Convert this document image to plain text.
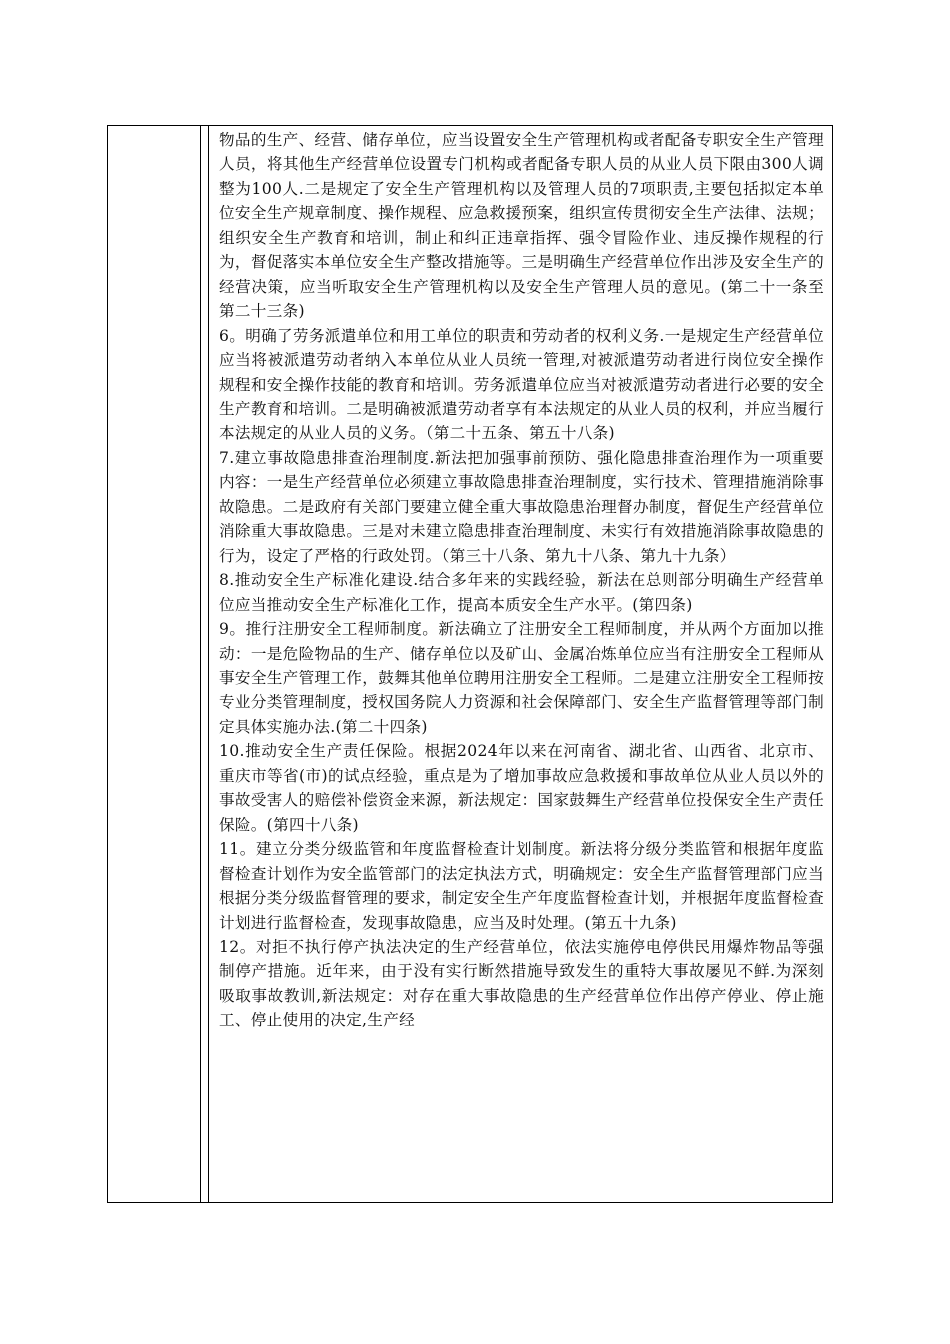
物品的生产、经营、储存单位，应当设置安全生产管理机构或者配备专职安全生产管理人员，将其他生产经营单位设置专门机构或者配备专职人员的从业人员下限由300人调整为100人.二是规定了安全生产管理机构以及管理人员的7项职责,主要包括拟定本单位安全生产规章制度、操作规程、应急救援预案，组织宣传贯彻安全生产法律、法规；组织安全生产教育和培训，制止和纠正违章指挥、强令冒险作业、违反操作规程的行为，督促落实本单位安全生产整改措施等。三是明确生产经营单位作出涉及安全生产的经营决策，应当听取安全生产管理机构以及安全生产管理人员的意见。(第二十一条至第二十三条)

6。明确了劳务派遣单位和用工单位的职责和劳动者的权利义务.一是规定生产经营单位应当将被派遣劳动者纳入本单位从业人员统一管理,对被派遣劳动者进行岗位安全操作规程和安全操作技能的教育和培训。劳务派遣单位应当对被派遣劳动者进行必要的安全生产教育和培训。二是明确被派遣劳动者享有本法规定的从业人员的权利，并应当履行本法规定的从业人员的义务。（第二十五条、第五十八条)

7.建立事故隐患排查治理制度.新法把加强事前预防、强化隐患排查治理作为一项重要内容：一是生产经营单位必须建立事故隐患排查治理制度，实行技术、管理措施消除事故隐患。二是政府有关部门要建立健全重大事故隐患治理督办制度，督促生产经营单位消除重大事故隐患。三是对未建立隐患排查治理制度、未实行有效措施消除事故隐患的行为，设定了严格的行政处罚。（第三十八条、第九十八条、第九十九条）

8.推动安全生产标准化建设.结合多年来的实践经验，新法在总则部分明确生产经营单位应当推动安全生产标准化工作，提高本质安全生产水平。(第四条)

9。推行注册安全工程师制度。新法确立了注册安全工程师制度，并从两个方面加以推动：一是危险物品的生产、储存单位以及矿山、金属冶炼单位应当有注册安全工程师从事安全生产管理工作，鼓舞其他单位聘用注册安全工程师。二是建立注册安全工程师按专业分类管理制度，授权国务院人力资源和社会保障部门、安全生产监督管理等部门制定具体实施办法.(第二十四条)

10.推动安全生产责任保险。根据2024年以来在河南省、湖北省、山西省、北京市、重庆市等省(市)的试点经验，重点是为了增加事故应急救援和事故单位从业人员以外的事故受害人的赔偿补偿资金来源，新法规定：国家鼓舞生产经营单位投保安全生产责任保险。(第四十八条)

11。建立分类分级监管和年度监督检查计划制度。新法将分级分类监管和根据年度监督检查计划作为安全监管部门的法定执法方式，明确规定：安全生产监督管理部门应当根据分类分级监督管理的要求，制定安全生产年度监督检查计划，并根据年度监督检查计划进行监督检查，发现事故隐患，应当及时处理。(第五十九条)

12。对拒不执行停产执法决定的生产经营单位，依法实施停电停供民用爆炸物品等强制停产措施。近年来，由于没有实行断然措施导致发生的重特大事故屡见不鲜.为深刻吸取事故教训,新法规定：对存在重大事故隐患的生产经营单位作出停产停业、停止施工、停止使用的决定,生产经
